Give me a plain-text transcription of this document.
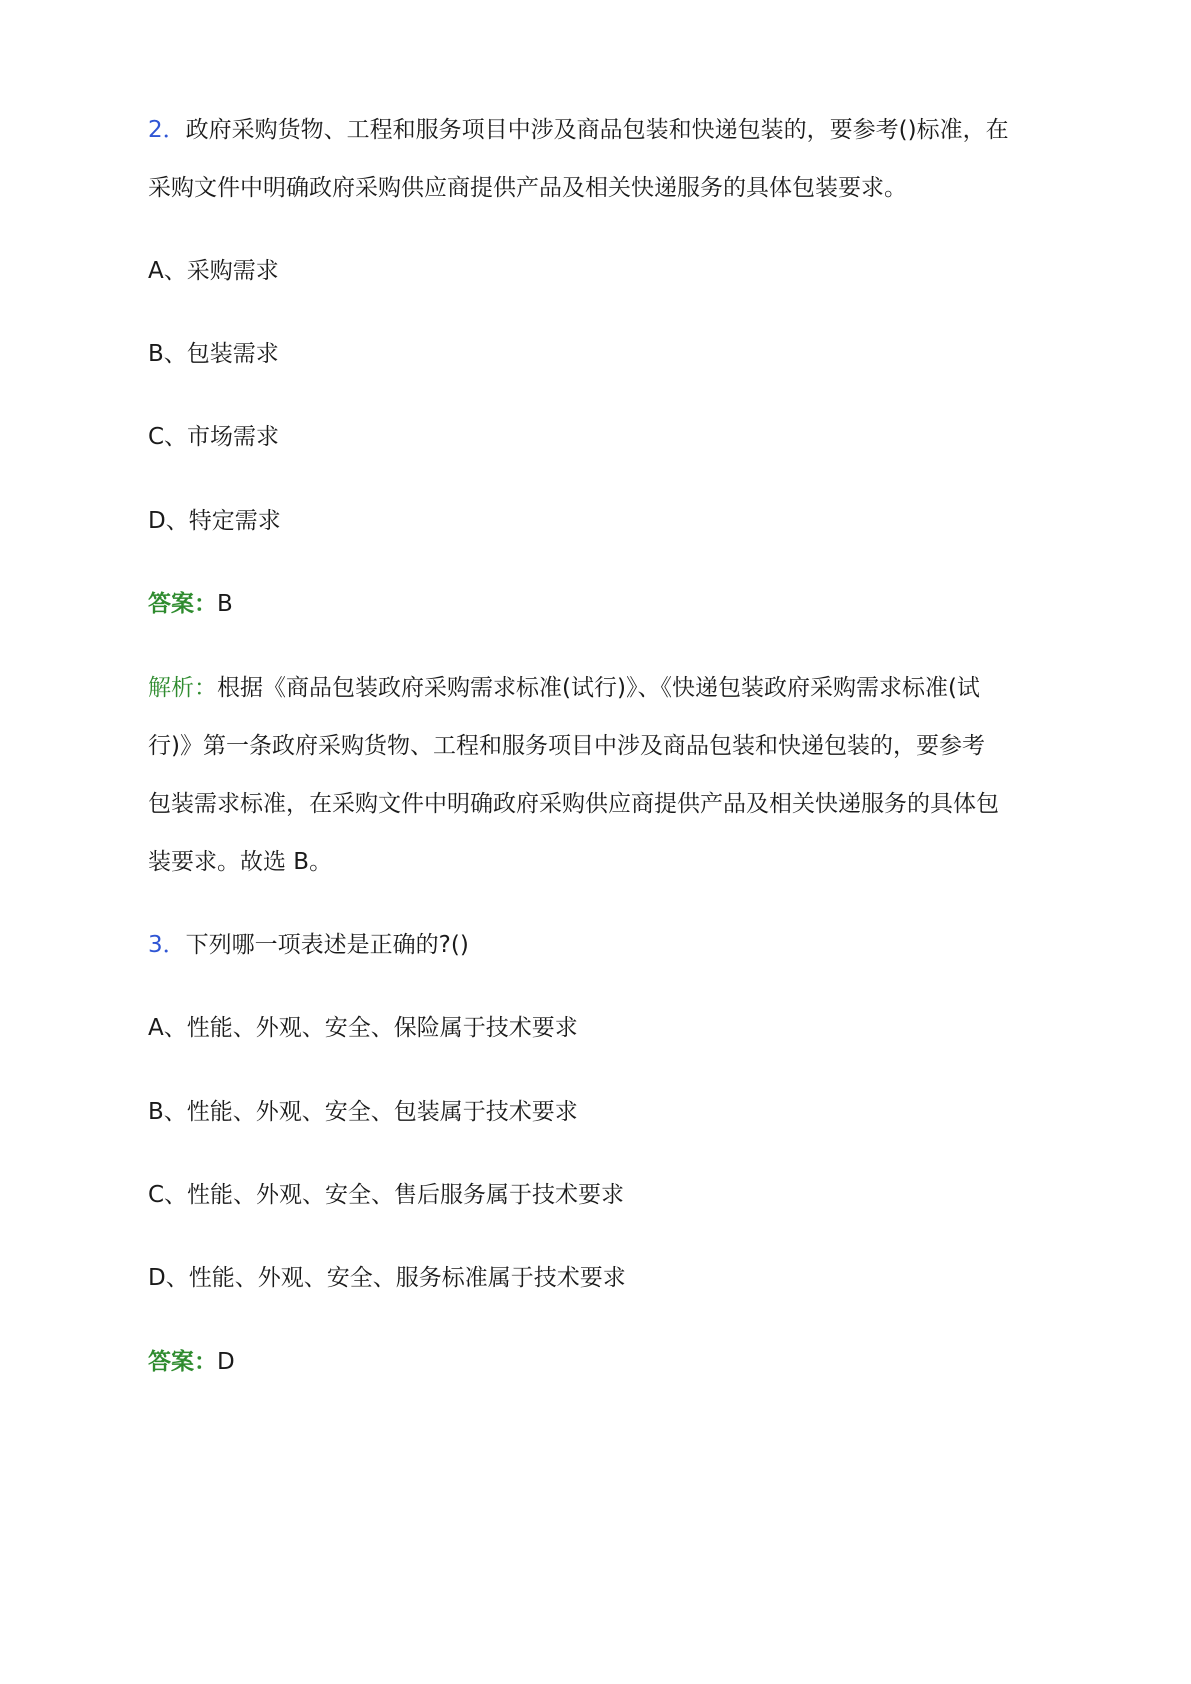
2．政府采购货物、工程和服务项目中涉及商品包装和快递包装的，要参考()标准，在
采购文件中明确政府采购供应商提供产品及相关快递服务的具体包装要求。
A、采购需求
B、包装需求
C、市场需求
D、特定需求
答案：B
解析：根据《商品包装政府采购需求标准(试行)》、《快递包装政府采购需求标准(试
行)》第一条政府采购货物、工程和服务项目中涉及商品包装和快递包装的，要参考
包装需求标准，在采购文件中明确政府采购供应商提供产品及相关快递服务的具体包
装要求。故选 B。
3．下列哪一项表述是正确的?()
A、性能、外观、安全、保险属于技术要求
B、性能、外观、安全、包装属于技术要求
C、性能、外观、安全、售后服务属于技术要求
D、性能、外观、安全、服务标准属于技术要求
答案：D
